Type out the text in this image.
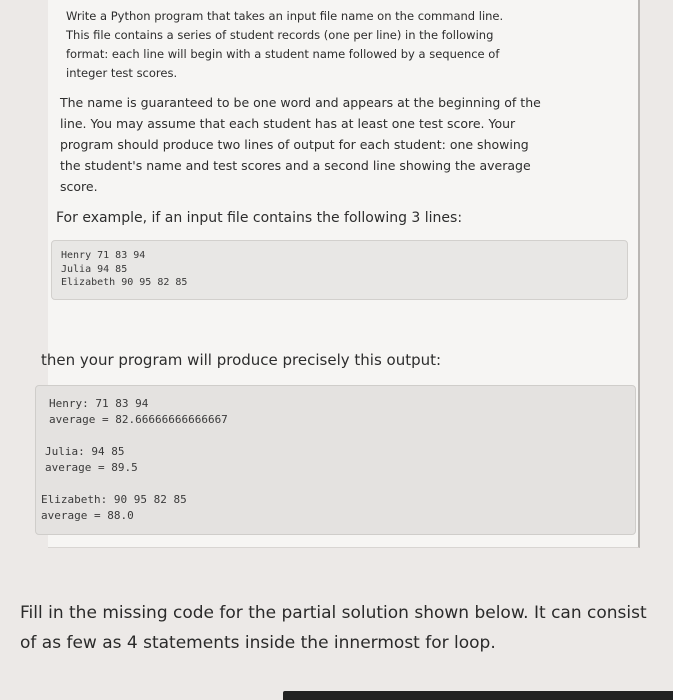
Write a Python program that takes an input file name on the command line.
This file contains a series of student records (one per line) in the following
format: each line will begin with a student name followed by a sequence of
integer test scores.

The name is guaranteed to be one word and appears at the beginning of the
line. You may assume that each student has at least one test score. Your
program should produce two lines of output for each student: one showing
the student's name and test scores and a second line showing the average
score.

For example, if an input file contains the following 3 lines:

Henry 71 83 94
Julia 94 85
Elizabeth 90 95 82 85

then your program will produce precisely this output:

Henry: 71 83 94
average = 82.66666666666667
Julia: 94 85
average = 89.5
Elizabeth: 90 95 82 85
average = 88.0

Fill in the missing code for the partial solution shown below. It can consist
of as few as 4 statements inside the innermost for loop.
